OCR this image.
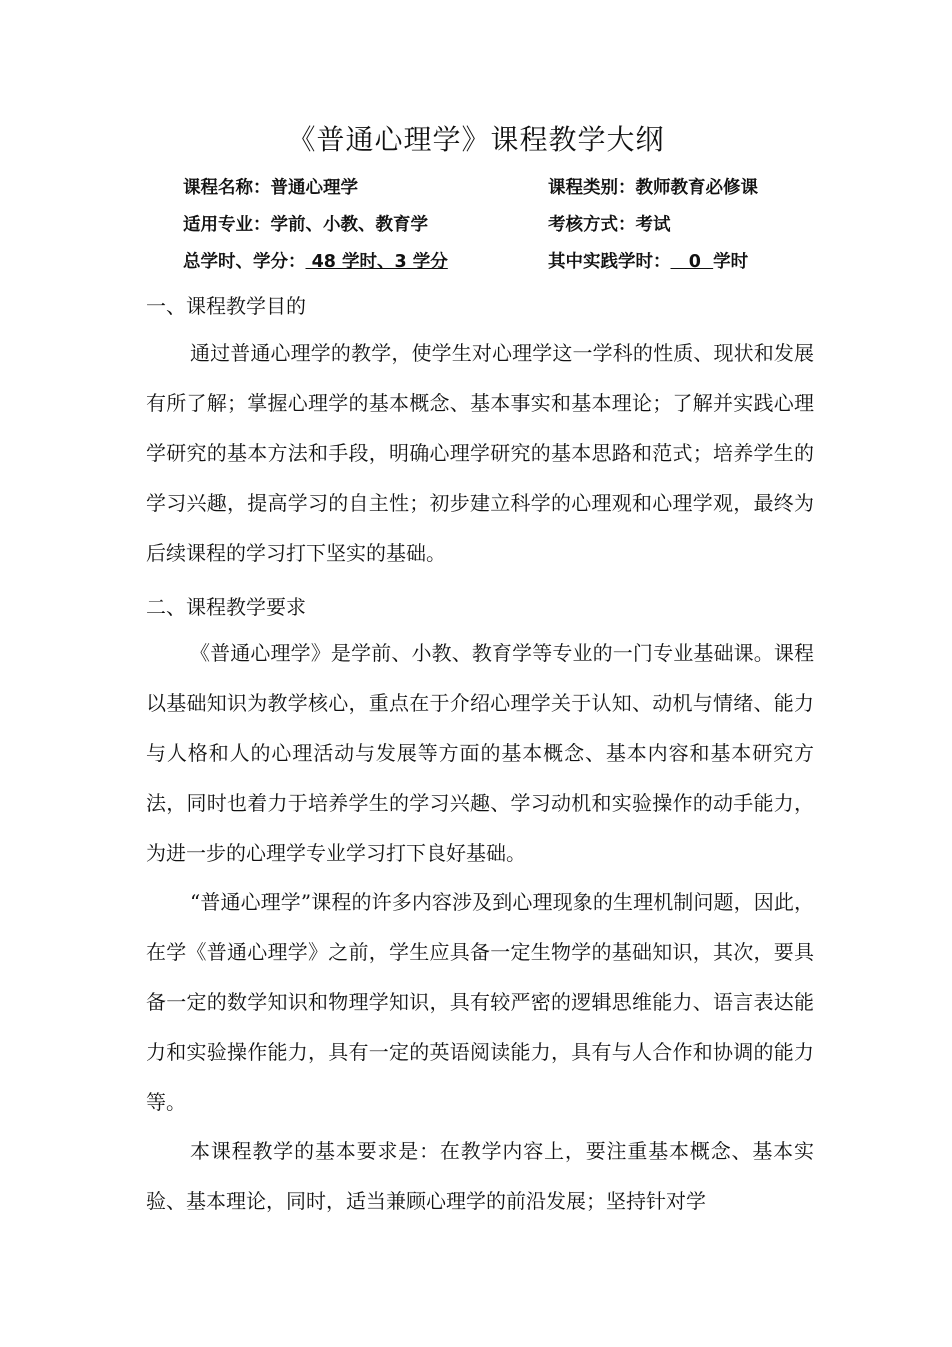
《普通心理学》课程教学大纲
课程名称：普通心理学	课程类别：教师教育必修课
适用专业：学前、小教、教育学	考核方式：考试
总学时、学分： 48 学时、3 学分	其中实践学时：   0  学时
一、课程教学目的

通过普通心理学的教学，使学生对心理学这一学科的性质、现状和发展有所了解；掌握心理学的基本概念、基本事实和基本理论；了解并实践心理学研究的基本方法和手段，明确心理学研究的基本思路和范式；培养学生的学习兴趣，提高学习的自主性；初步建立科学的心理观和心理学观，最终为后续课程的学习打下坚实的基础。

二、课程教学要求

《普通心理学》是学前、小教、教育学等专业的一门专业基础课。课程以基础知识为教学核心，重点在于介绍心理学关于认知、动机与情绪、能力与人格和人的心理活动与发展等方面的基本概念、基本内容和基本研究方法，同时也着力于培养学生的学习兴趣、学习动机和实验操作的动手能力，为进一步的心理学专业学习打下良好基础。

“普通心理学”课程的许多内容涉及到心理现象的生理机制问题，因此，在学《普通心理学》之前，学生应具备一定生物学的基础知识，其次，要具备一定的数学知识和物理学知识，具有较严密的逻辑思维能力、语言表达能力和实验操作能力，具有一定的英语阅读能力，具有与人合作和协调的能力等。

本课程教学的基本要求是：在教学内容上，要注重基本概念、基本实验、基本理论，同时，适当兼顾心理学的前沿发展；坚持针对学
